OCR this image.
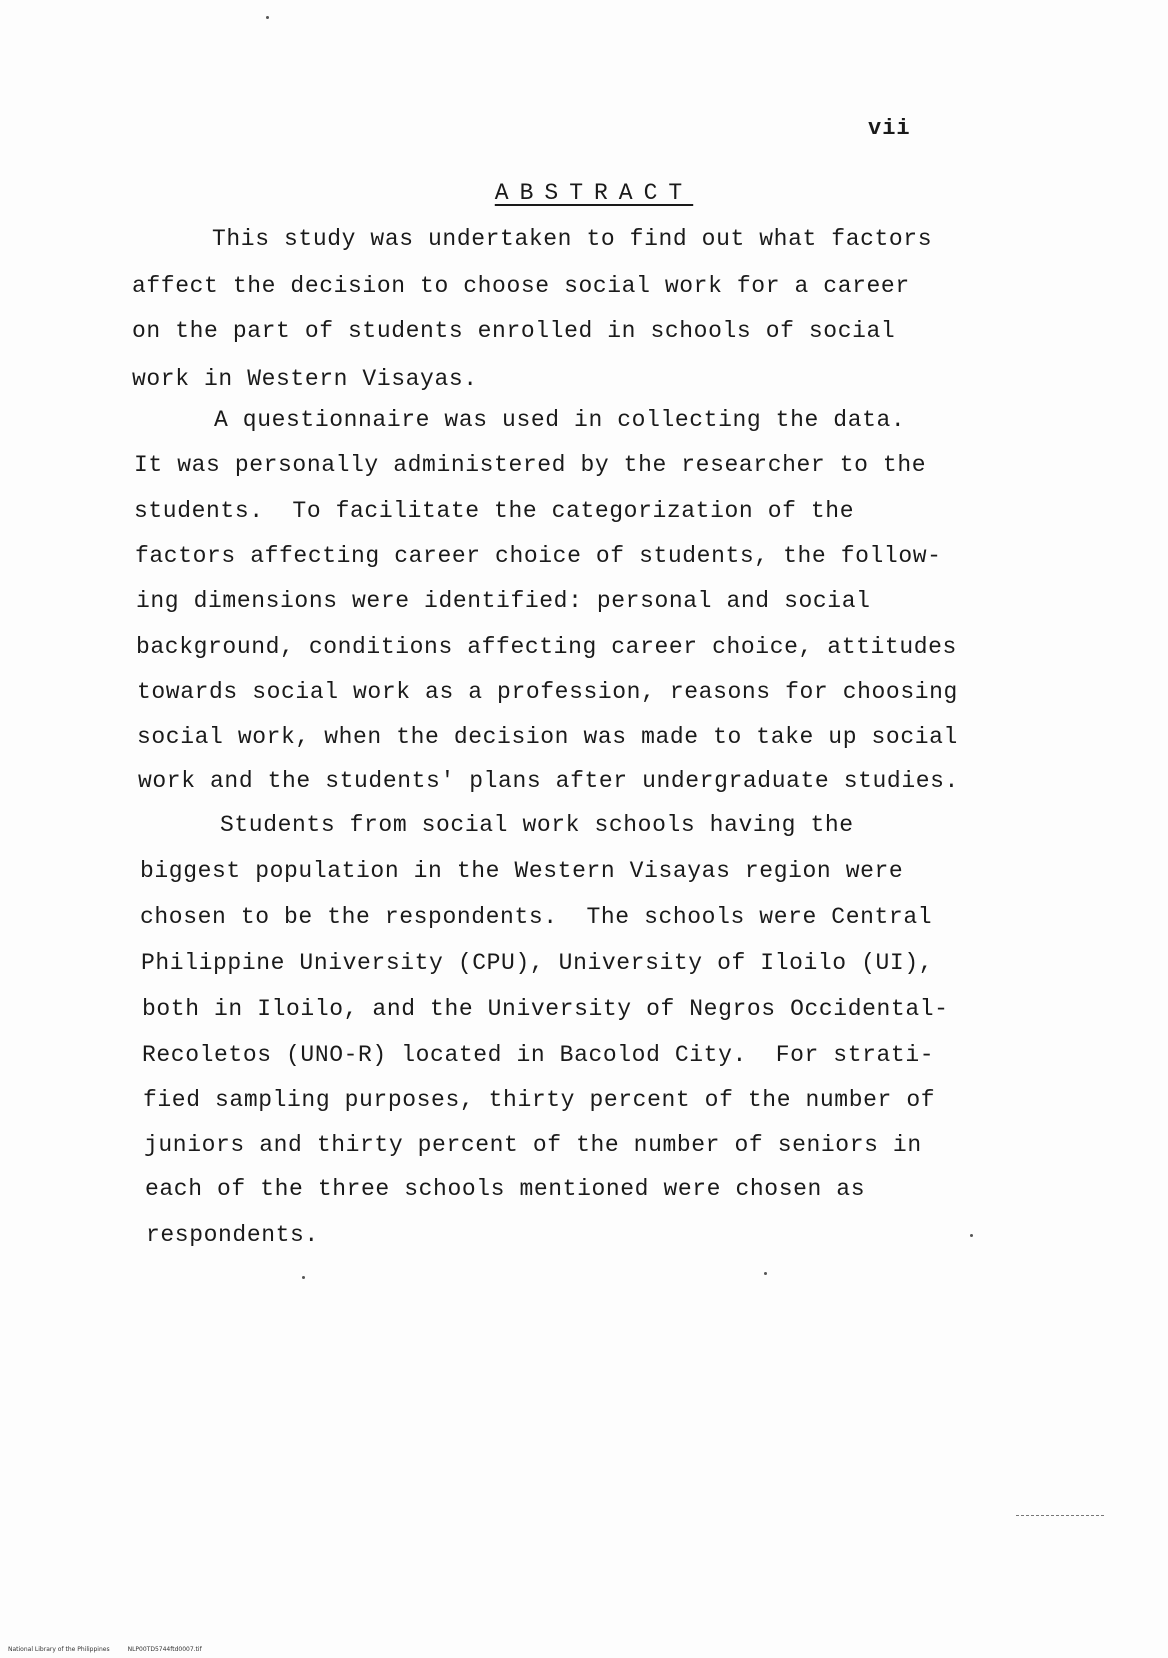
vii
ABSTRACT
This study was undertaken to find out what factors
affect the decision to choose social work for a career
on the part of students enrolled in schools of social
work in Western Visayas.
A questionnaire was used in collecting the data.
It was personally administered by the researcher to the
students.  To facilitate the categorization of the
factors affecting career choice of students, the follow-
ing dimensions were identified: personal and social
background, conditions affecting career choice, attitudes
towards social work as a profession, reasons for choosing
social work, when the decision was made to take up social
work and the students' plans after undergraduate studies.
Students from social work schools having the
biggest population in the Western Visayas region were
chosen to be the respondents.  The schools were Central
Philippine University (CPU), University of Iloilo (UI),
both in Iloilo, and the University of Negros Occidental-
Recoletos (UNO-R) located in Bacolod City.  For strati-
fied sampling purposes, thirty percent of the number of
juniors and thirty percent of the number of seniors in
each of the three schools mentioned were chosen as
respondents.
National Library of the Philippines	NLP00TD5744ftd0007.tif
